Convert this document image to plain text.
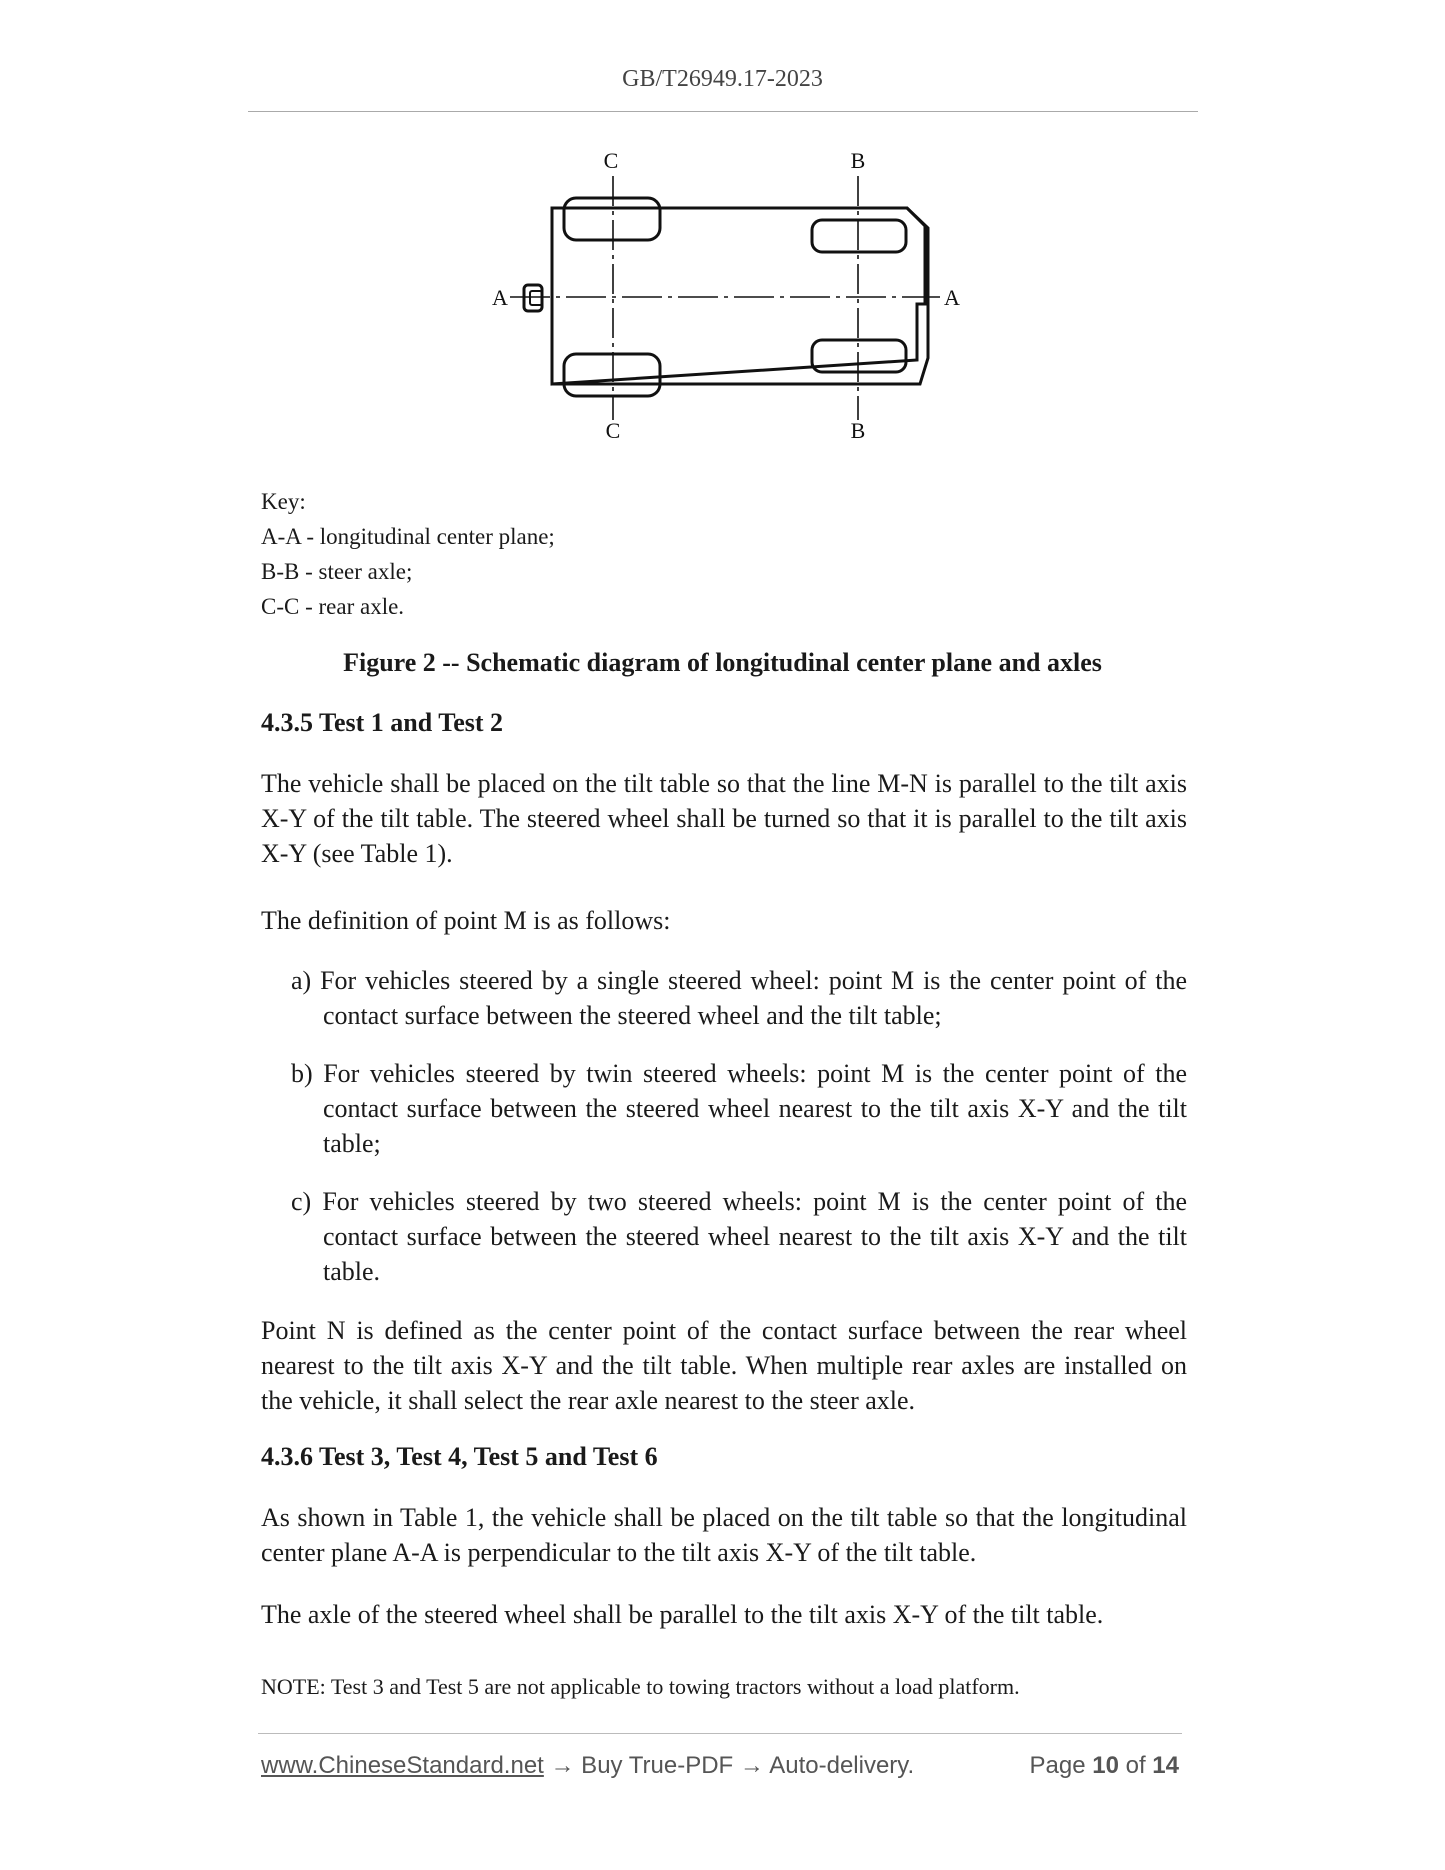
GB/T26949.17-2023
C	B
A	A
C	B
Key:
A-A - longitudinal center plane;
B-B - steer axle;
C-C - rear axle.
Figure 2 -- Schematic diagram of longitudinal center plane and axles
4.3.5 Test 1 and Test 2
The vehicle shall be placed on the tilt table so that the line M-N is parallel to the tilt axis X-Y of the tilt table. The steered wheel shall be turned so that it is parallel to the tilt axis X-Y (see Table 1).
The definition of point M is as follows:
a) For vehicles steered by a single steered wheel: point M is the center point of the contact surface between the steered wheel and the tilt table;
b) For vehicles steered by twin steered wheels: point M is the center point of the contact surface between the steered wheel nearest to the tilt axis X-Y and the tilt table;
c) For vehicles steered by two steered wheels: point M is the center point of the contact surface between the steered wheel nearest to the tilt axis X-Y and the tilt table.
Point N is defined as the center point of the contact surface between the rear wheel nearest to the tilt axis X-Y and the tilt table. When multiple rear axles are installed on the vehicle, it shall select the rear axle nearest to the steer axle.
4.3.6 Test 3, Test 4, Test 5 and Test 6
As shown in Table 1, the vehicle shall be placed on the tilt table so that the longitudinal center plane A-A is perpendicular to the tilt axis X-Y of the tilt table.
The axle of the steered wheel shall be parallel to the tilt axis X-Y of the tilt table.
NOTE: Test 3 and Test 5 are not applicable to towing tractors without a load platform.
www.ChineseStandard.net → Buy True-PDF → Auto-delivery.	Page 10 of 14
